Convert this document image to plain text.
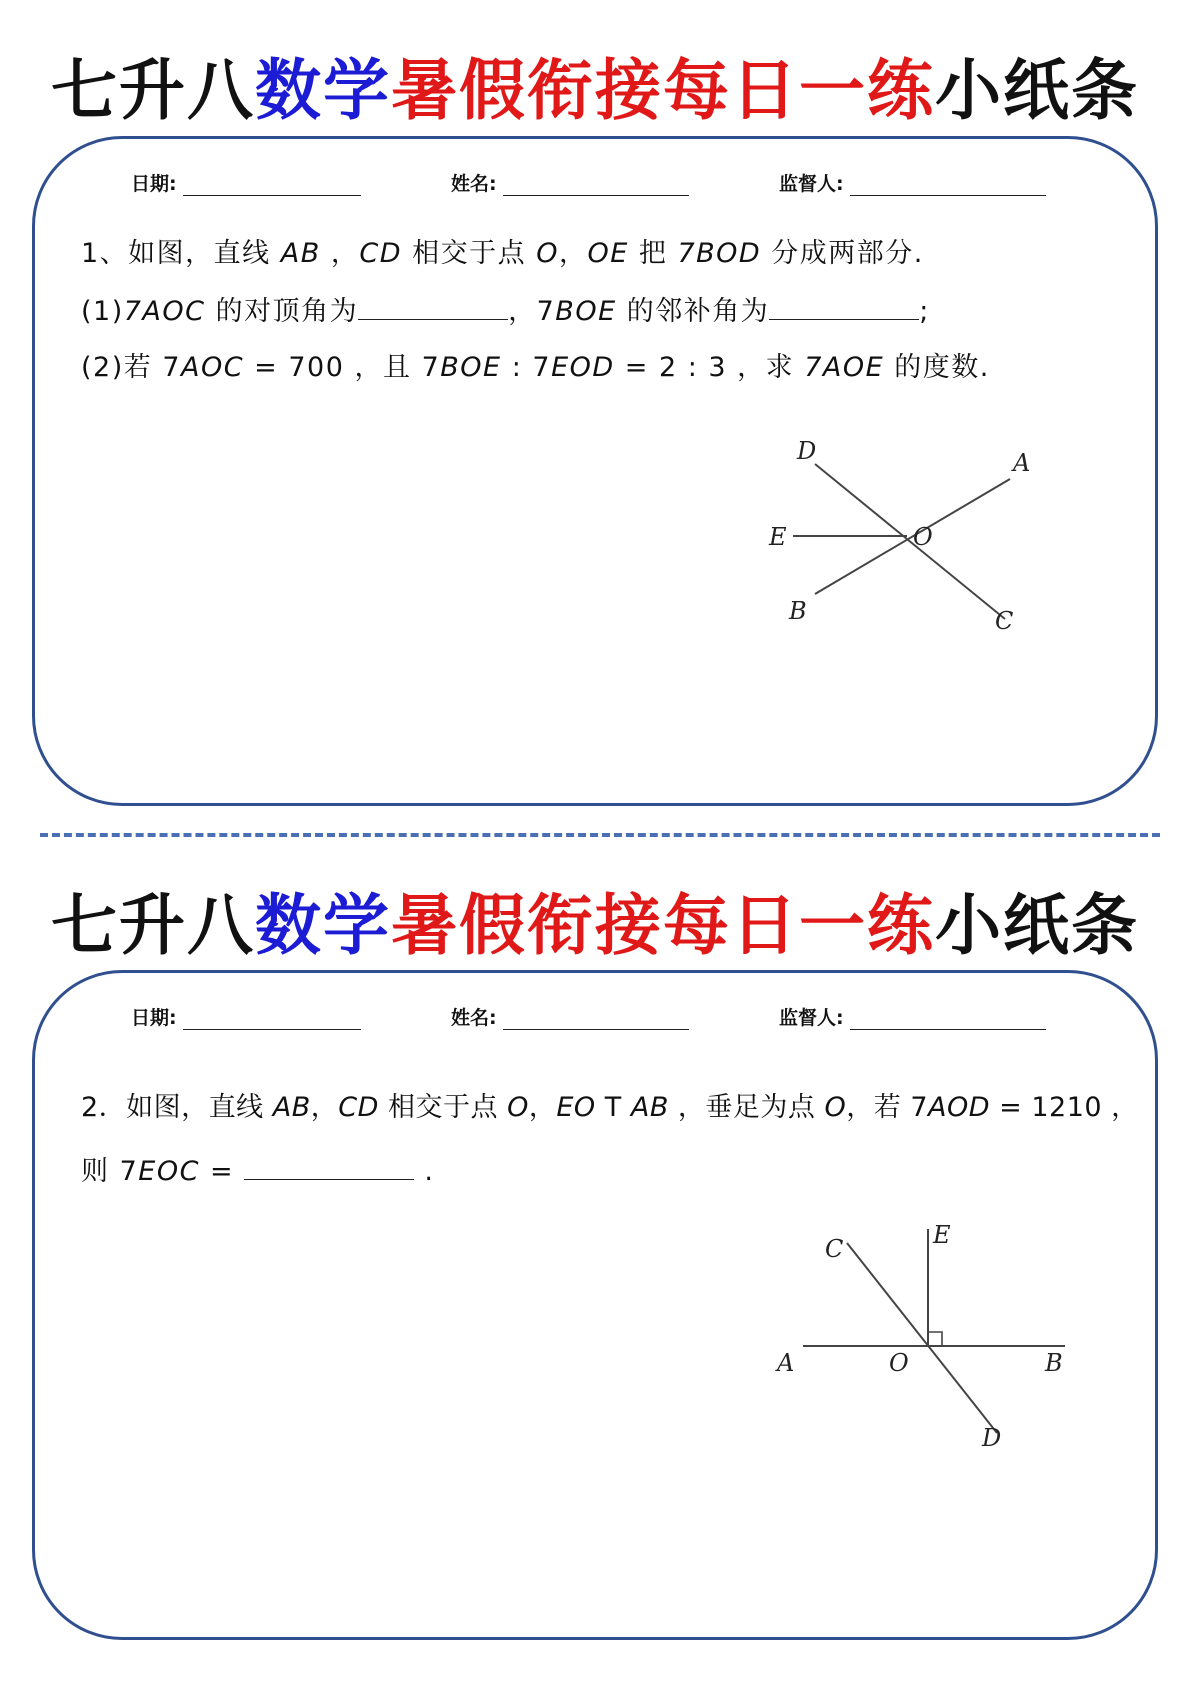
七升八数学暑假衔接每日一练小纸条
日期:	姓名:	监督人:
1、如图，直线 AB ，CD 相交于点 O，OE 把 7BOD 分成两部分.
(1)7AOC 的对顶角为	，7BOE 的邻补角为	;
(2)若 7AOC = 700 ，且 7BOE : 7EOD = 2 : 3 ，求 7AOE 的度数.
D	A
E	O
B	C
七升八数学暑假衔接每日一练小纸条
日期:	姓名:	监督人:
2．如图，直线 AB，CD 相交于点 O，EO T AB ，垂足为点 O，若 7AOD = 1210 ，
则 7EOC =	.
C	E
A	O	B
D
